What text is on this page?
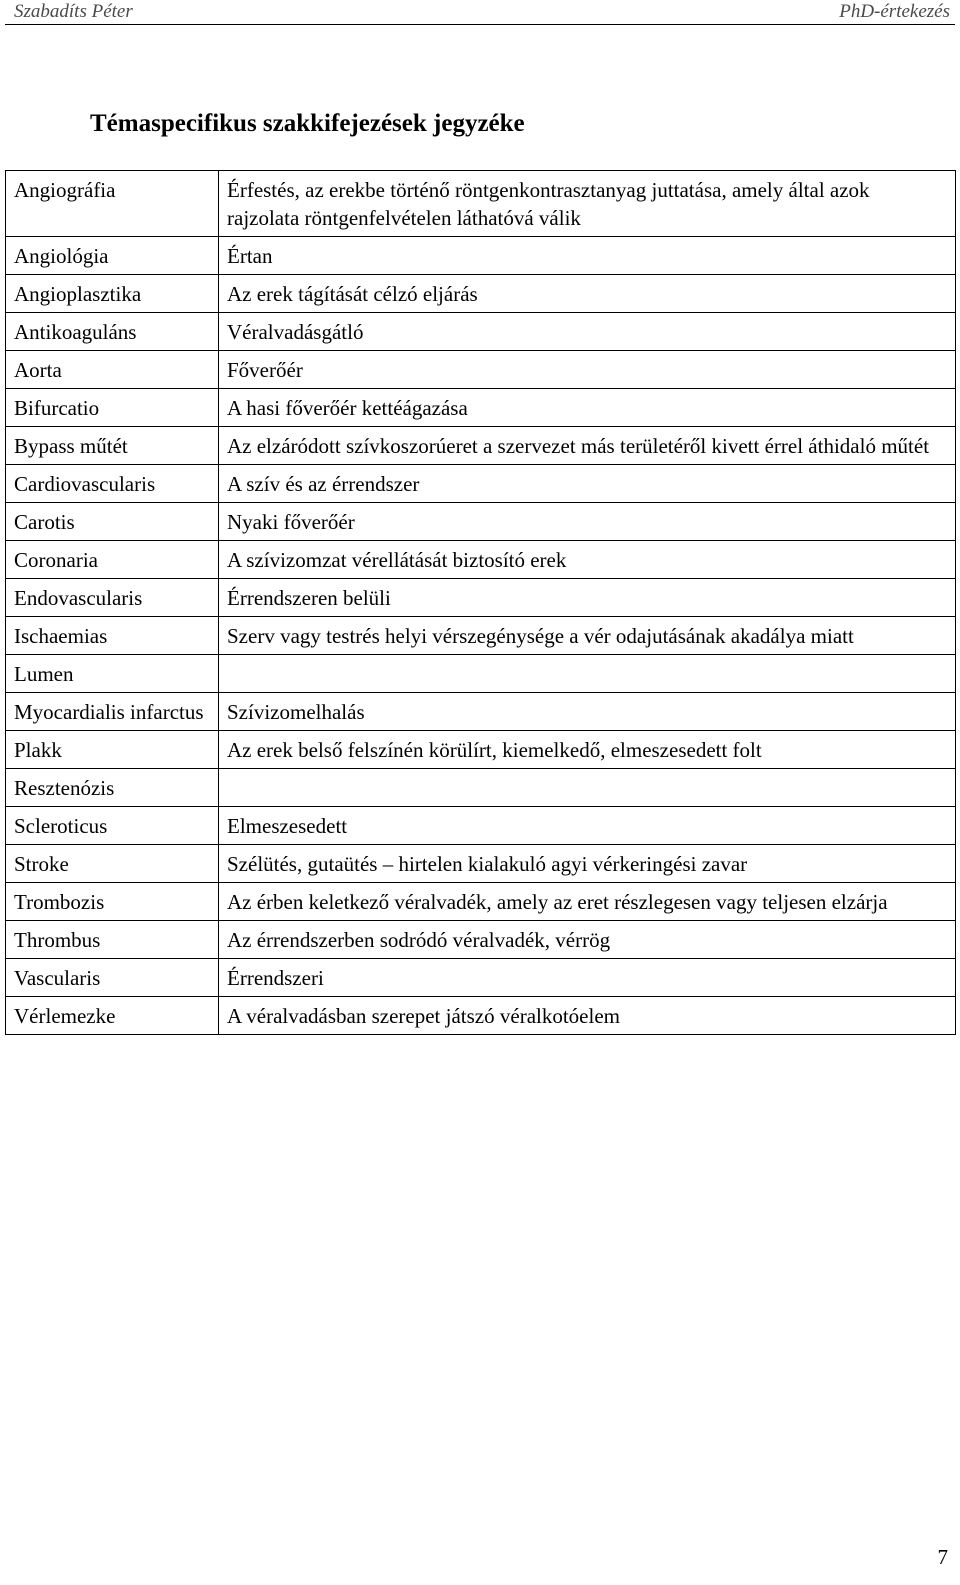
Szabadíts Péter	PhD-értekezés
Témaspecifikus szakkifejezések jegyzéke
Angiográfia	Érfestés, az erekbe történő röntgenkontrasztanyag juttatása, amely által azok rajzolata röntgenfelvételen láthatóvá válik
Angiológia	Értan
Angioplasztika	Az erek tágítását célzó eljárás
Antikoaguláns	Véralvadásgátló
Aorta	Főverőér
Bifurcatio	A hasi főverőér kettéágazása
Bypass műtét	Az elzáródott szívkoszorúeret a szervezet más területéről kivett érrel áthidaló műtét
Cardiovascularis	A szív és az érrendszer
Carotis	Nyaki főverőér
Coronaria	A szívizomzat vérellátását biztosító erek
Endovascularis	Érrendszeren belüli
Ischaemias	Szerv vagy testrés helyi vérszegénysége a vér odajutásának akadálya miatt
Lumen	
Myocardialis infarctus	Szívizomelhalás
Plakk	Az erek belső felszínén körülírt, kiemelkedő, elmeszesedett folt
Resztenózis	
Scleroticus	Elmeszesedett
Stroke	Szélütés, gutaütés – hirtelen kialakuló agyi vérkeringési zavar
Trombozis	Az érben keletkező véralvadék, amely az eret részlegesen vagy teljesen elzárja
Thrombus	Az érrendszerben sodródó véralvadék, vérrög
Vascularis	Érrendszeri
Vérlemezke	A véralvadásban szerepet játszó véralkotóelem
7
